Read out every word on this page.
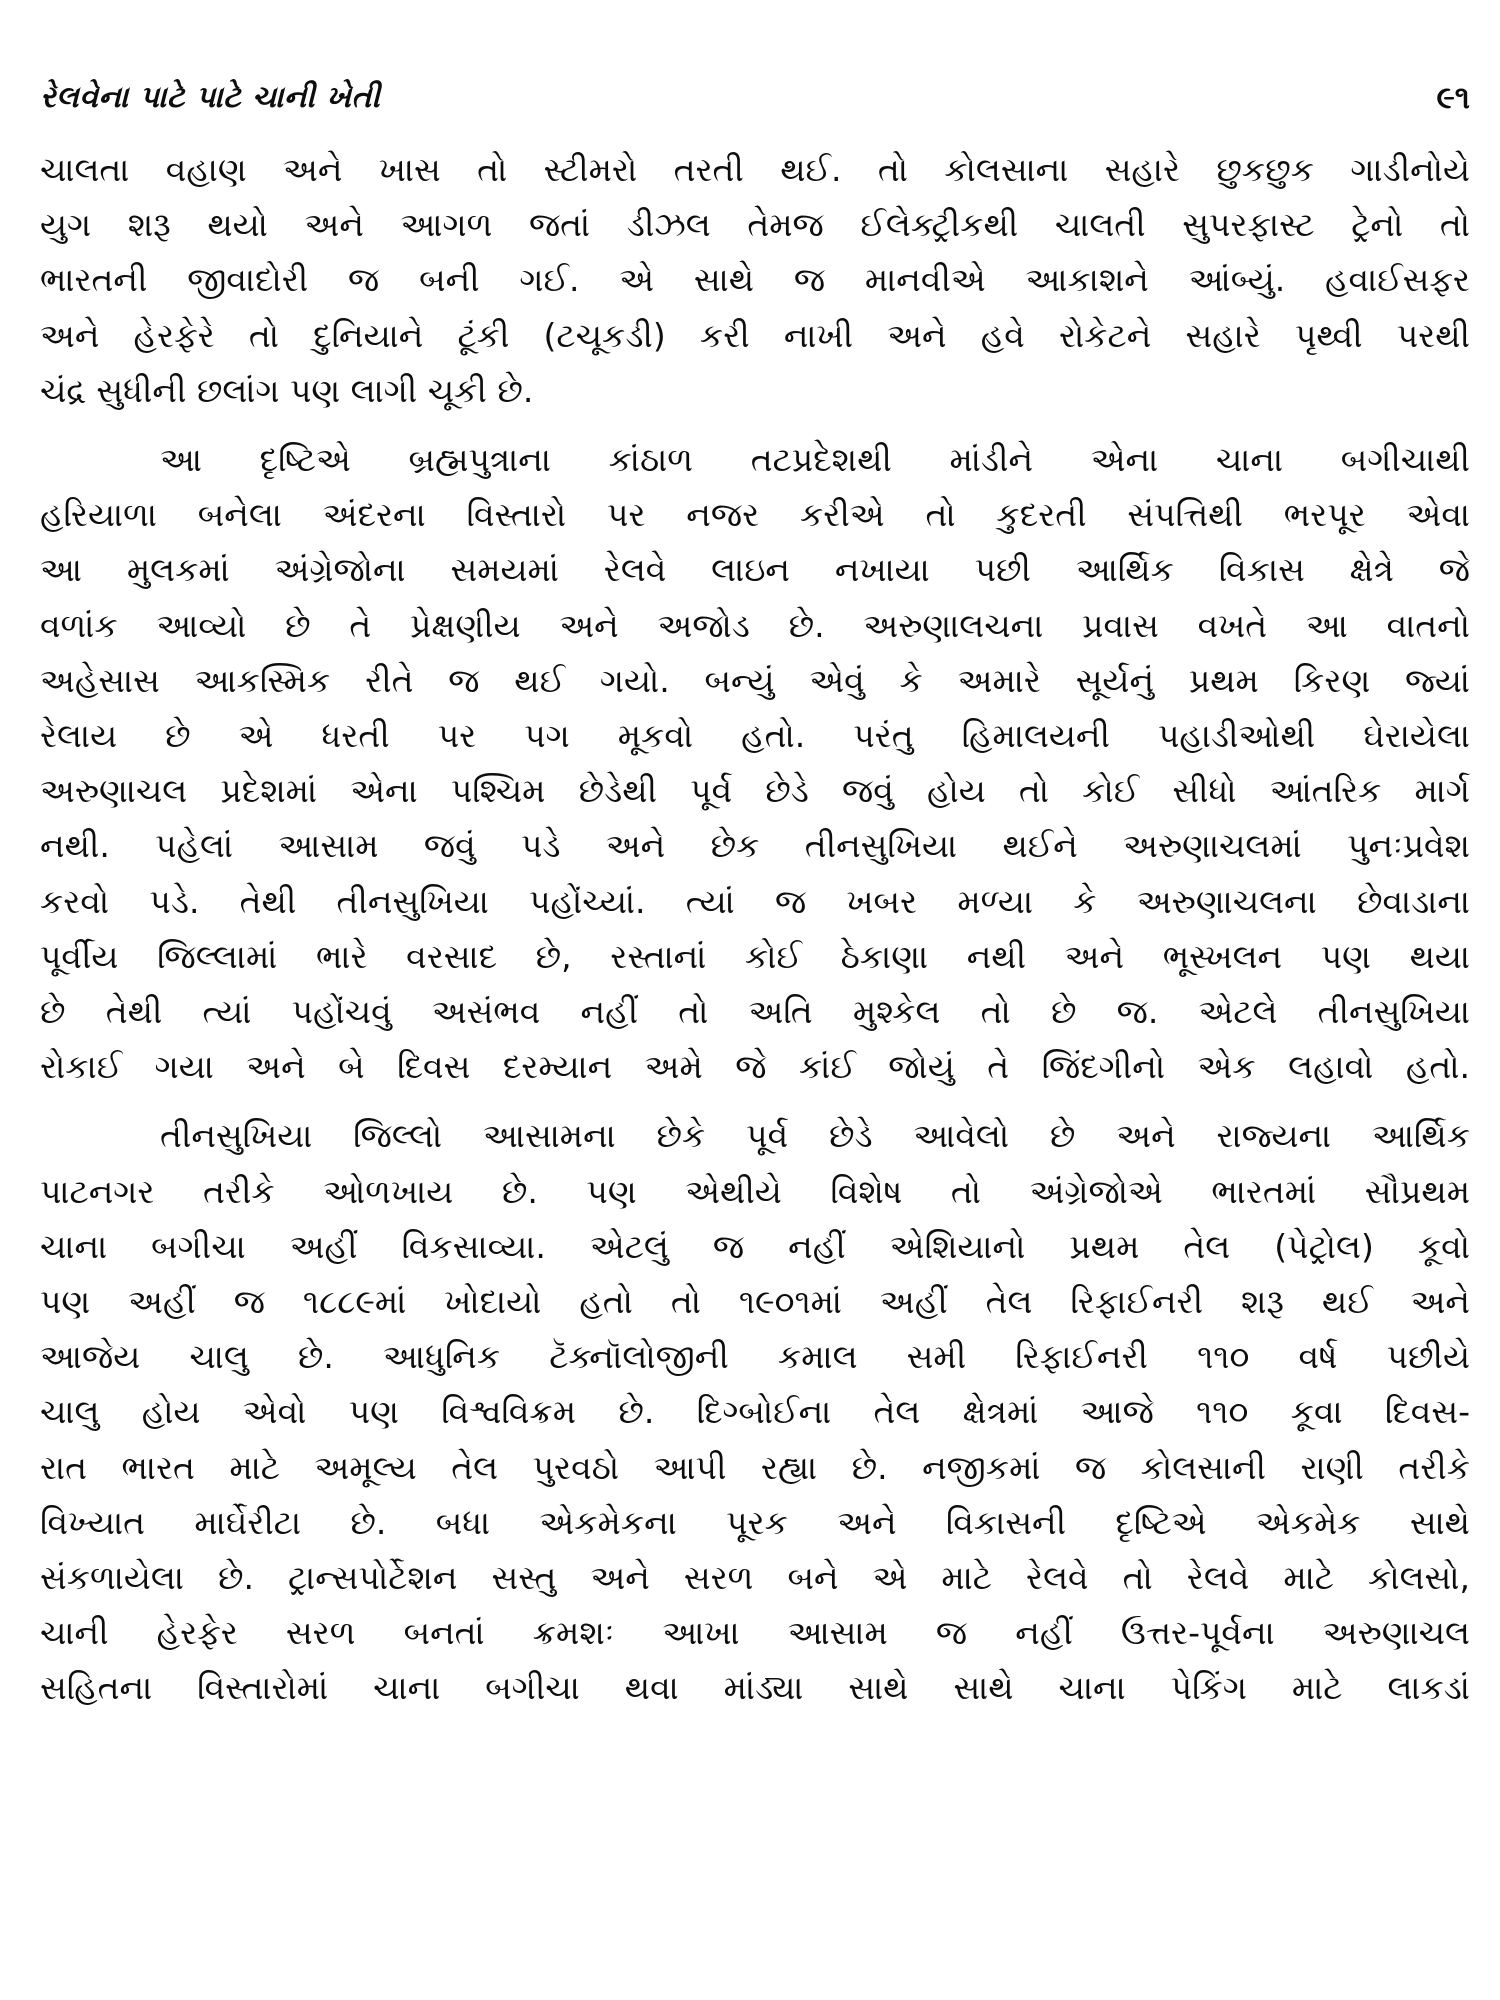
રેલવેના પાટે પાટે ચાની ખેતી	૯૧

ચાલતા વહાણ અને ખાસ તો સ્ટીમરો તરતી થઈ. તો કોલસાના સહારે છુકછુક ગાડીનોયે
યુગ શરૂ થયો અને આગળ જતાં ડીઝલ તેમજ ઈલેક્ટ્રીકથી ચાલતી સુપરફાસ્ટ ટ્રેનો તો
ભારતની જીવાદોરી જ બની ગઈ. એ સાથે જ માનવીએ આકાશને આંબ્યું. હવાઈસફર
અને હેરફેરે તો દુનિયાને ટૂંકી (ટચૂકડી) કરી નાખી અને હવે રોકેટને સહારે પૃથ્વી પરથી
ચંદ્ર સુધીની છલાંગ પણ લાગી ચૂકી છે.

આ દૃષ્ટિએ બ્રહ્મપુત્રાના કાંઠાળ તટપ્રદેશથી માંડીને એના ચાના બગીચાથી
હરિયાળા બનેલા અંદરના વિસ્તારો પર નજર કરીએ તો કુદરતી સંપત્તિથી ભરપૂર એવા
આ મુલકમાં અંગ્રેજોના સમયમાં રેલવે લાઇન નખાયા પછી આર્થિક વિકાસ ક્ષેત્રે જે
વળાંક આવ્યો છે તે પ્રેક્ષણીય અને અજોડ છે. અરુણાલચના પ્રવાસ વખતે આ વાતનો
અહેસાસ આકસ્મિક રીતે જ થઈ ગયો. બન્યું એવું કે અમારે સૂર્યનું પ્રથમ કિરણ જ્યાં
રેલાય છે એ ધરતી પર પગ મૂકવો હતો. પરંતુ હિમાલયની પહાડીઓથી ઘેરાયેલા
અરુણાચલ પ્રદેશમાં એના પશ્ચિમ છેડેથી પૂર્વ છેડે જવું હોય તો કોઈ સીધો આંતરિક માર્ગ
નથી. પહેલાં આસામ જવું પડે અને છેક તીનસુખિયા થઈને અરુણાચલમાં પુનઃપ્રવેશ
કરવો પડે. તેથી તીનસુખિયા પહોંચ્યાં. ત્યાં જ ખબર મળ્યા કે અરુણાચલના છેવાડાના
પૂર્વીય જિલ્લામાં ભારે વરસાદ છે, રસ્તાનાં કોઈ ઠેકાણા નથી અને ભૂસ્ખલન પણ થયા
છે તેથી ત્યાં પહોંચવું અસંભવ નહીં તો અતિ મુશ્કેલ તો છે જ. એટલે તીનસુખિયા
રોકાઈ ગયા અને બે દિવસ દરમ્યાન અમે જે કાંઈ જોયું તે જિંદગીનો એક લહાવો હતો.

તીનસુખિયા જિલ્લો આસામના છેકે પૂર્વ છેડે આવેલો છે અને રાજ્યના આર્થિક
પાટનગર તરીકે ઓળખાય છે. પણ એથીયે વિશેષ તો અંગ્રેજોએ ભારતમાં સૌપ્રથમ
ચાના બગીચા અહીં વિકસાવ્યા. એટલું જ નહીં એશિયાનો પ્રથમ તેલ (પેટ્રોલ) કૂવો
પણ અહીં જ ૧૮૮૯માં ખોદાયો હતો તો ૧૯૦૧માં અહીં તેલ રિફાઈનરી શરૂ થઈ અને
આજેય ચાલુ છે. આધુનિક ટૅક્નૉલોજીની કમાલ સમી રિફાઈનરી ૧૧૦ વર્ષ પછીયે
ચાલુ હોય એવો પણ વિશ્વવિક્રમ છે. દિગ્બોઈના તેલ ક્ષેત્રમાં આજે ૧૧૦ કૂવા દિવસ-
રાત ભારત માટે અમૂલ્ય તેલ પુરવઠો આપી રહ્યા છે. નજીકમાં જ કોલસાની રાણી તરીકે
વિખ્યાત માર્ઘેરીટા છે. બધા એકમેકના પૂરક અને વિકાસની દૃષ્ટિએ એકમેક સાથે
સંકળાયેલા છે. ટ્રાન્સપોર્ટેશન સસ્તુ અને સરળ બને એ માટે રેલવે તો રેલવે માટે કોલસો,
ચાની હેરફેર સરળ બનતાં ક્રમશઃ આખા આસામ જ નહીં ઉત્તર-પૂર્વના અરુણાચલ
સહિતના વિસ્તારોમાં ચાના બગીચા થવા માંડ્યા સાથે સાથે ચાના પેકિંગ માટે લાકડાં
